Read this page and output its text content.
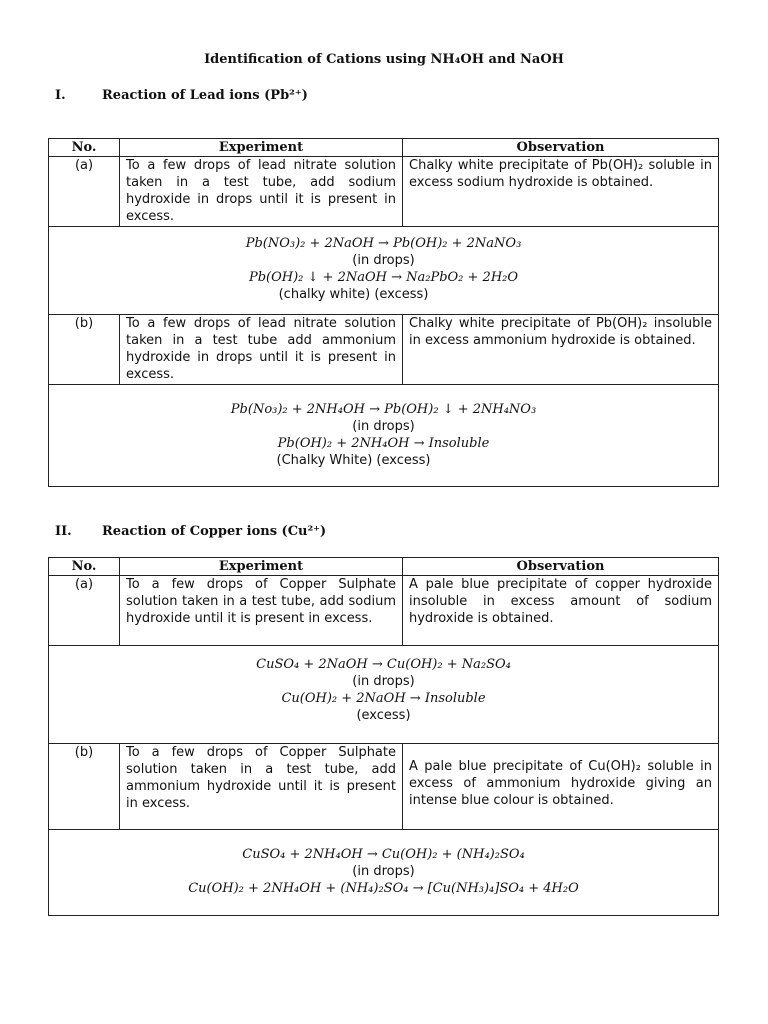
Identification of Cations using NH₄OH and NaOH
I.	Reaction of Lead ions (Pb²⁺)
No.	Experiment	Observation
(a)	To a few drops of lead nitrate solution taken in a test tube, add sodium hydroxide in drops until it is present in excess.	Chalky white precipitate of Pb(OH)₂ soluble in excess sodium hydroxide is obtained.

Pb(NO₃)₂ + 2NaOH → Pb(OH)₂ + 2NaNO₃
(in drops)
Pb(OH)₂ ↓ + 2NaOH → Na₂PbO₂ + 2H₂O
(chalky white) (excess)		

(b)	To a few drops of lead nitrate solution taken in a test tube add ammonium hydroxide in drops until it is present in excess.	Chalky white precipitate of Pb(OH)₂ insoluble in excess ammonium hydroxide is obtained.

Pb(No₃)₂ + 2NH₄OH → Pb(OH)₂ ↓ + 2NH₄NO₃
(in drops)
Pb(OH)₂ + 2NH₄OH → Insoluble
(Chalky White) (excess)		
II.	Reaction of Copper ions (Cu²⁺)
No.	Experiment	Observation
(a)	To a few drops of Copper Sulphate solution taken in a test tube, add sodium hydroxide until it is present in excess.	A pale blue precipitate of copper hydroxide insoluble in excess amount of sodium hydroxide is obtained.

CuSO₄ + 2NaOH → Cu(OH)₂ + Na₂SO₄
(in drops)
Cu(OH)₂ + 2NaOH → Insoluble
(excess)		

(b)	To a few drops of Copper Sulphate solution taken in a test tube, add ammonium hydroxide until it is present in excess.	A pale blue precipitate of Cu(OH)₂ soluble in excess of ammonium hydroxide giving an intense blue colour is obtained.

CuSO₄ + 2NH₄OH → Cu(OH)₂ + (NH₄)₂SO₄
(in drops)
Cu(OH)₂ + 2NH₄OH + (NH₄)₂SO₄ → [Cu(NH₃)₄]SO₄ + 4H₂O		
